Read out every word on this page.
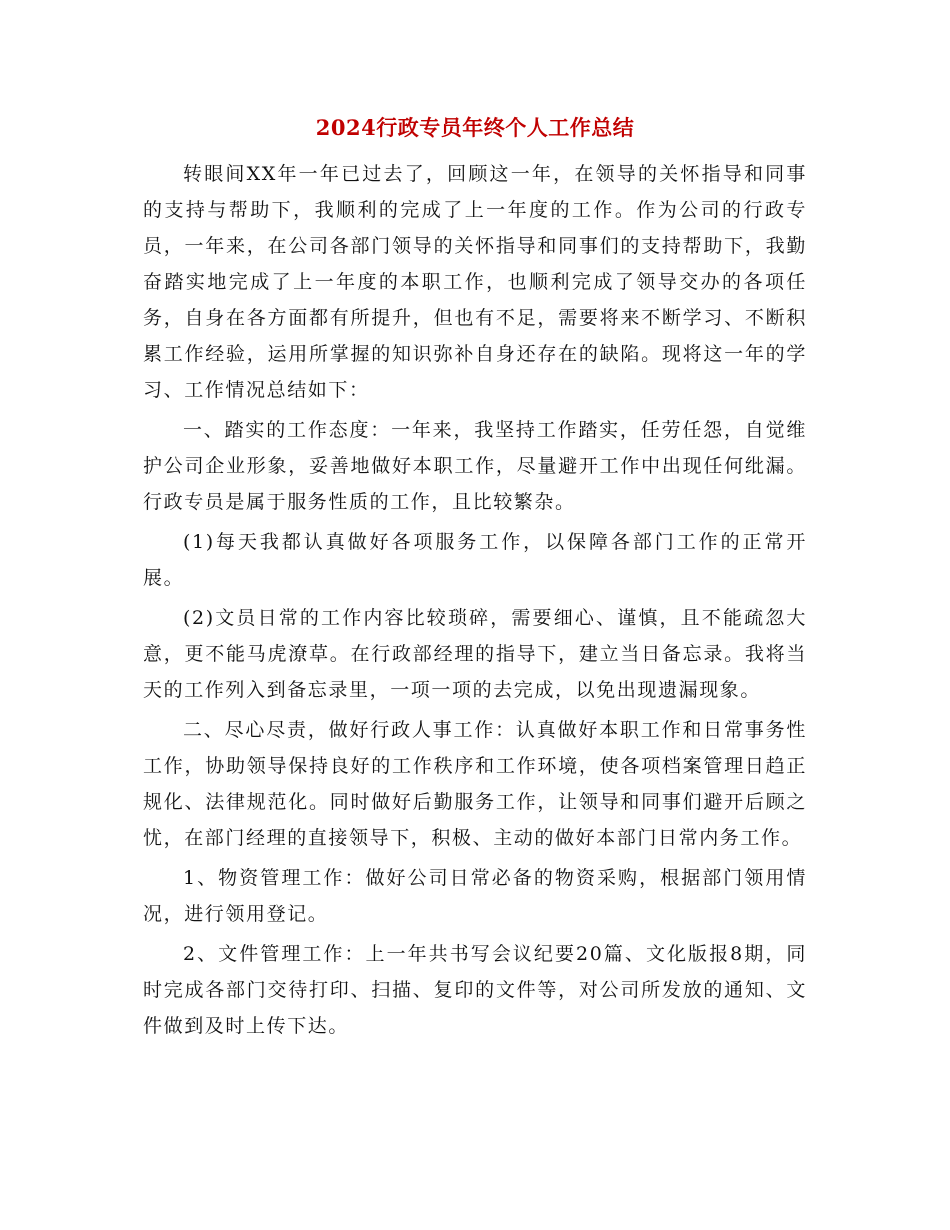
2024行政专员年终个人工作总结

转眼间XX年一年已过去了，回顾这一年，在领导的关怀指导和同事的支持与帮助下，我顺利的完成了上一年度的工作。作为公司的行政专员，一年来，在公司各部门领导的关怀指导和同事们的支持帮助下，我勤奋踏实地完成了上一年度的本职工作，也顺利完成了领导交办的各项任务，自身在各方面都有所提升，但也有不足，需要将来不断学习、不断积累工作经验，运用所掌握的知识弥补自身还存在的缺陷。现将这一年的学习、工作情况总结如下：

一、踏实的工作态度：一年来，我坚持工作踏实，任劳任怨，自觉维护公司企业形象，妥善地做好本职工作，尽量避开工作中出现任何纰漏。行政专员是属于服务性质的工作，且比较繁杂。

(1)每天我都认真做好各项服务工作，以保障各部门工作的正常开展。

(2)文员日常的工作内容比较琐碎，需要细心、谨慎，且不能疏忽大意，更不能马虎潦草。在行政部经理的指导下，建立当日备忘录。我将当天的工作列入到备忘录里，一项一项的去完成，以免出现遗漏现象。

二、尽心尽责，做好行政人事工作：认真做好本职工作和日常事务性工作，协助领导保持良好的工作秩序和工作环境，使各项档案管理日趋正规化、法律规范化。同时做好后勤服务工作，让领导和同事们避开后顾之忧，在部门经理的直接领导下，积极、主动的做好本部门日常内务工作。

1、物资管理工作：做好公司日常必备的物资采购，根据部门领用情况，进行领用登记。

2、文件管理工作：上一年共书写会议纪要20篇、文化版报8期，同时完成各部门交待打印、扫描、复印的文件等，对公司所发放的通知、文件做到及时上传下达。
